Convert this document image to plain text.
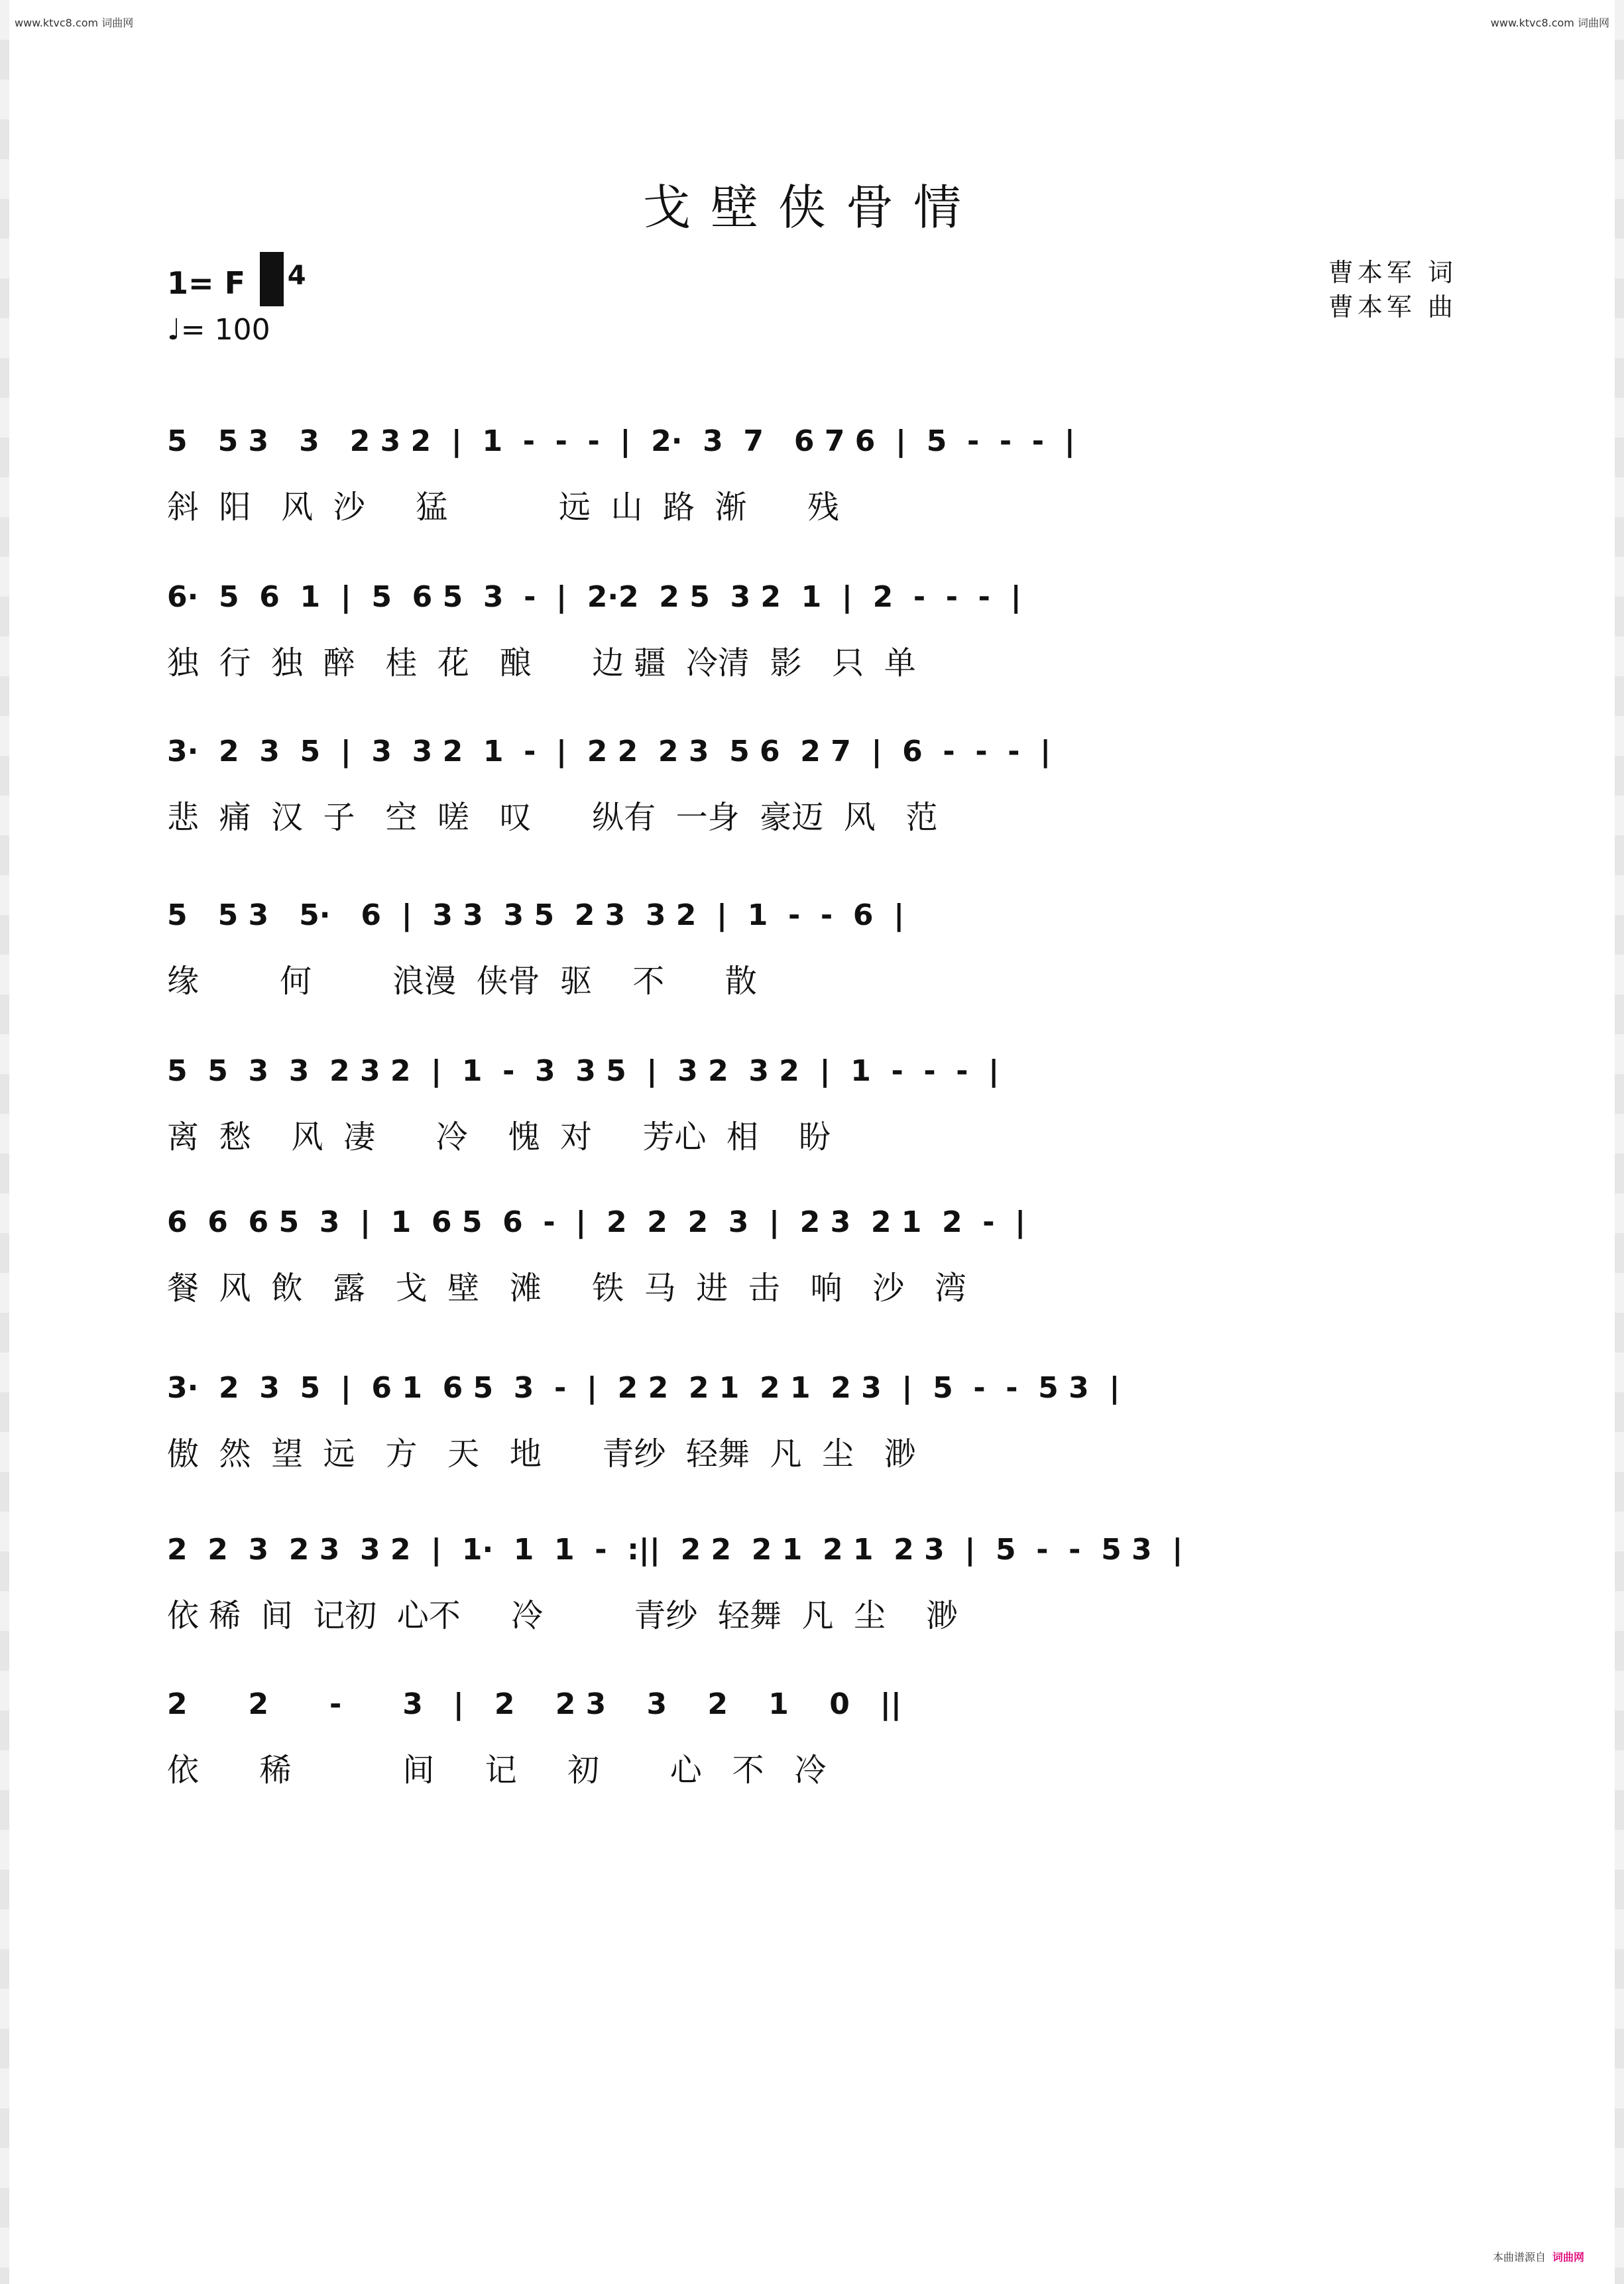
www.ktvc8.com 词曲网	www.ktvc8.com 词曲网
戈壁侠骨情
1= F	4
♩= 100
曹本军 词
曹本军 曲
5   5 3   3   2 3 2  |  1  -  -  -  |  2·  3  7   6 7 6  |  5  -  -  -  |
斜  阳   风  沙     猛           远  山  路  渐      残
6·  5  6  1  |  5  6 5  3  -  |  2·2  2 5  3 2  1  |  2  -  -  -  |
独  行  独  醉   桂  花   酿      边 疆  冷清  影   只  单
3·  2  3  5  |  3  3 2  1  -  |  2 2  2 3  5 6  2 7  |  6  -  -  -  |
悲  痛  汉  子   空  嗟   叹      纵有  一身  豪迈  风   范
5   5 3   5·   6  |  3 3  3 5  2 3  3 2  |  1  -  -  6  |
缘        何        浪漫  侠骨  驱    不      散
5  5  3  3  2 3 2  |  1  -  3  3 5  |  3 2  3 2  |  1  -  -  -  |
离  愁    风  凄      冷    愧  对     芳心  相    盼
6  6  6 5  3  |  1  6 5  6  -  |  2  2  2  3  |  2 3  2 1  2  -  |
餐  风  飲   露   戈  壁   滩     铁  马  进  击   响   沙   湾
3·  2  3  5  |  6 1  6 5  3  -  |  2 2  2 1  2 1  2 3  |  5  -  -  5 3  |
傲  然  望  远   方   天   地      青纱  轻舞  凡  尘   渺
2  2  3  2 3  3 2  |  1·  1  1  -  :||  2 2  2 1  2 1  2 3  |  5  -  -  5 3  |
依 稀  间  记初  心不     冷         青纱  轻舞  凡  尘    渺
2      2      -      3   |   2    2 3    3    2    1    0   ||
依      稀           间     记     初       心   不   冷
本曲谱源自 词曲网
